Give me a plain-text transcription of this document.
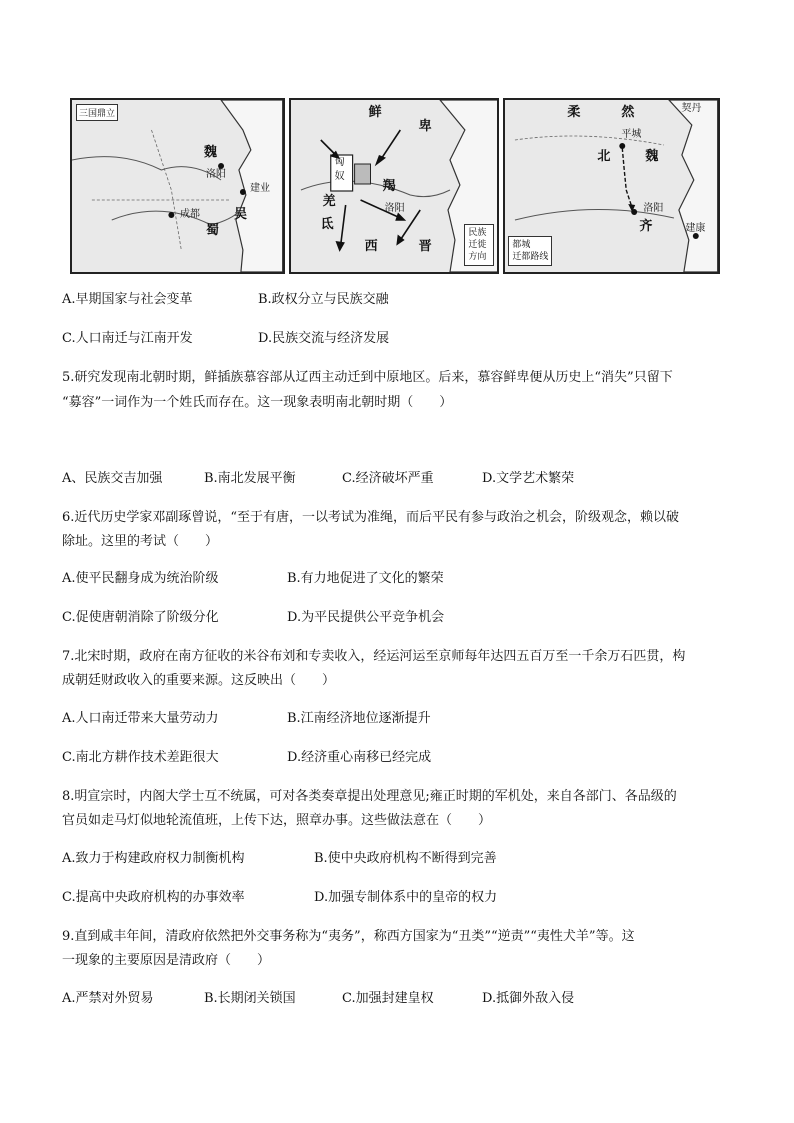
三国鼎立
魏
洛阳
建业
吴
成都
蜀
鲜
卑
匈
奴
羯
洛阳
羌
氐
西	晋
民族
迁徙
方向
柔	然	契丹
平城
北	魏
洛阳
齐	建康
都城
迁都路线
A.早期国家与社会变革	B.政权分立与民族交融
C.人口南迁与江南开发	D.民族交流与经济发展
5.研究发现南北朝时期，鲜插族慕容部从辽西主动迁到中原地区。后来，慕容鲜卑便从历史上“消失”只留下
“募容”一词作为一个姓氏而存在。这一现象表明南北朝时期（　　）
A、民族交吉加强	B.南北发展平衡	C.经济破坏严重	D.文学艺术繁荣
6.近代历史学家邓副琢曾说，“至于有唐，一以考试为准绳，而后平民有参与政治之机会，阶级观念，赖以破
除址。这里的考试（　　）
A.使平民翻身成为统治阶级	B.有力地促进了文化的繁荣
C.促使唐朝消除了阶级分化	D.为平民提供公平竞争机会
7.北宋时期，政府在南方征收的米谷布刘和专卖收入，经运河运至京师每年达四五百万至一千余万石匹贯，构
成朝廷财政收入的重要来源。这反映出（　　）
A.人口南迁带来大量劳动力	B.江南经济地位逐渐提升
C.南北方耕作技术差距很大	D.经济重心南移已经完成
8.明宣宗时，内阁大学士互不统属，可对各类奏章提出处理意见;雍正时期的军机处，来自各部门、各品级的
官员如走马灯似地轮流值班，上传下达，照章办事。这些做法意在（　　）
A.致力于构建政府权力制衡机构	B.使中央政府机构不断得到完善
C.提高中央政府机构的办事效率	D.加强专制体系中的皇帝的权力
9.直到咸丰年间，清政府依然把外交事务称为“夷务”，称西方国家为“丑类”“逆责”“夷性犬羊”等。这
一现象的主要原因是清政府（　　）
A.严禁对外贸易	B.长期闭关锁国	C.加强封建皇权	D.抵御外敌入侵
